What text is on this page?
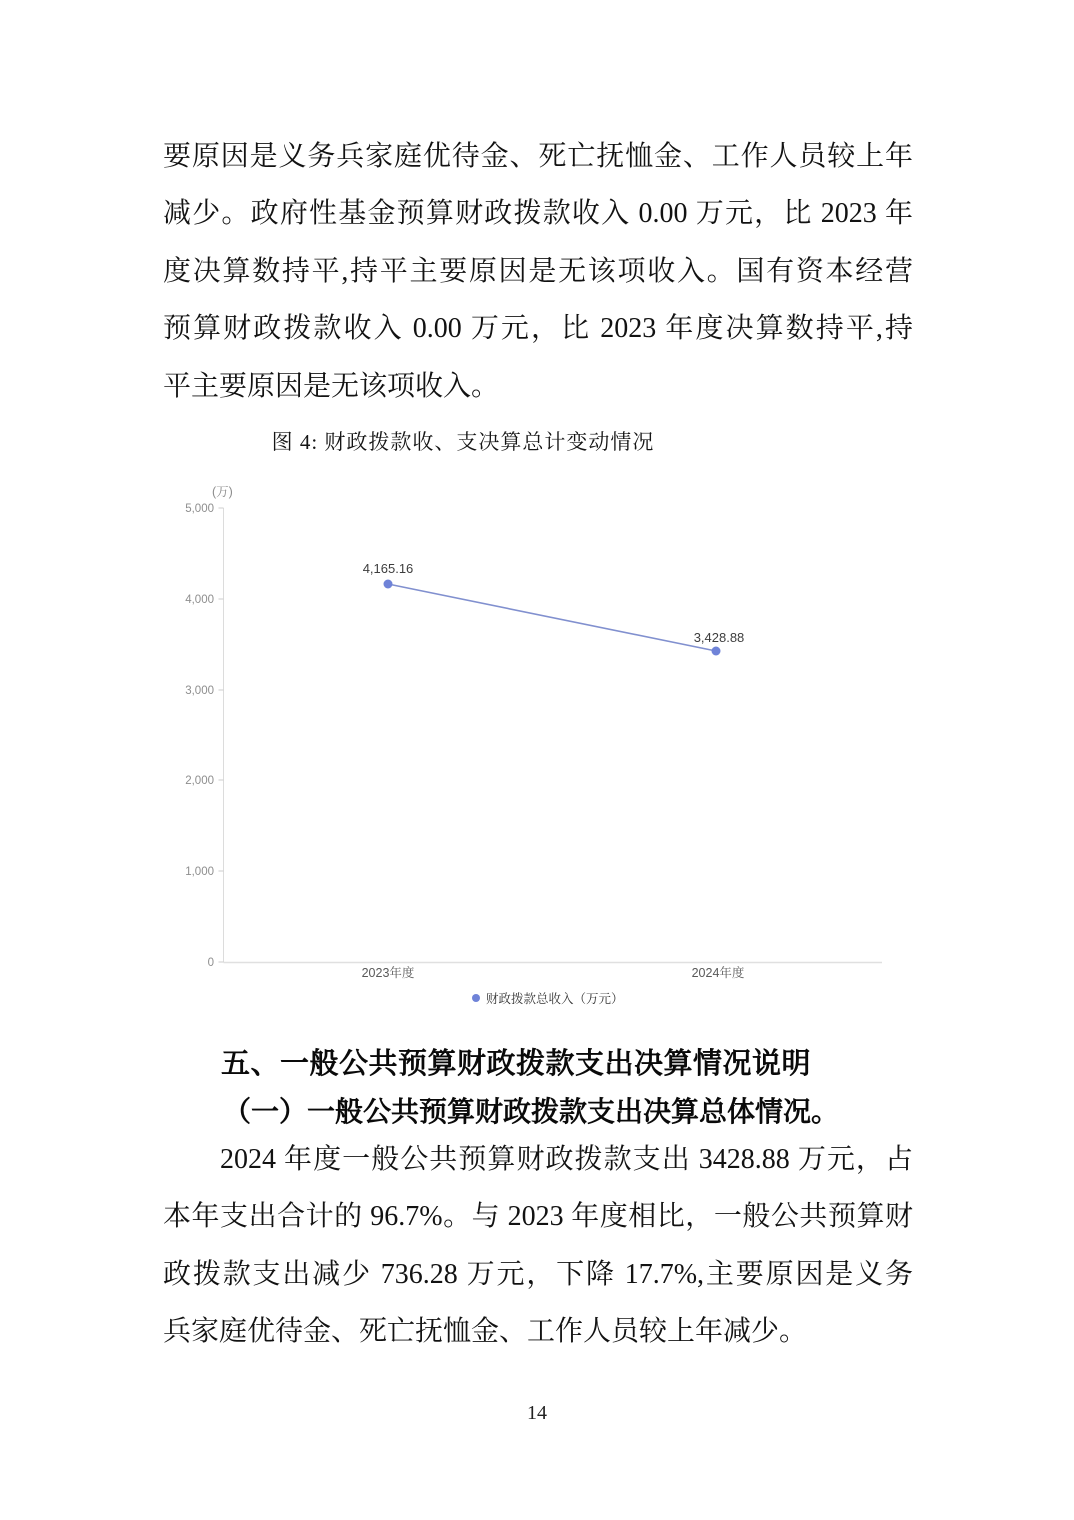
要原因是义务兵家庭优待金、死亡抚恤金、工作人员较上年
减少。政府性基金预算财政拨款收入 0.00 万元，比 2023 年
度决算数持平,持平主要原因是无该项收入。国有资本经营
预算财政拨款收入 0.00 万元，比 2023 年度决算数持平,持
平主要原因是无该项收入。
图 4: 财政拨款收、支决算总计变动情况
(万)
5,000
4,000
3,000
2,000
1,000
0
4,165.16
3,428.88
2023年度	2024年度
财政拨款总收入（万元）
五、一般公共预算财政拨款支出决算情况说明
（一）一般公共预算财政拨款支出决算总体情况。
2024 年度一般公共预算财政拨款支出 3428.88 万元，占
本年支出合计的 96.7%。与 2023 年度相比，一般公共预算财
政拨款支出减少 736.28 万元，下降 17.7%,主要原因是义务
兵家庭优待金、死亡抚恤金、工作人员较上年减少。
14
